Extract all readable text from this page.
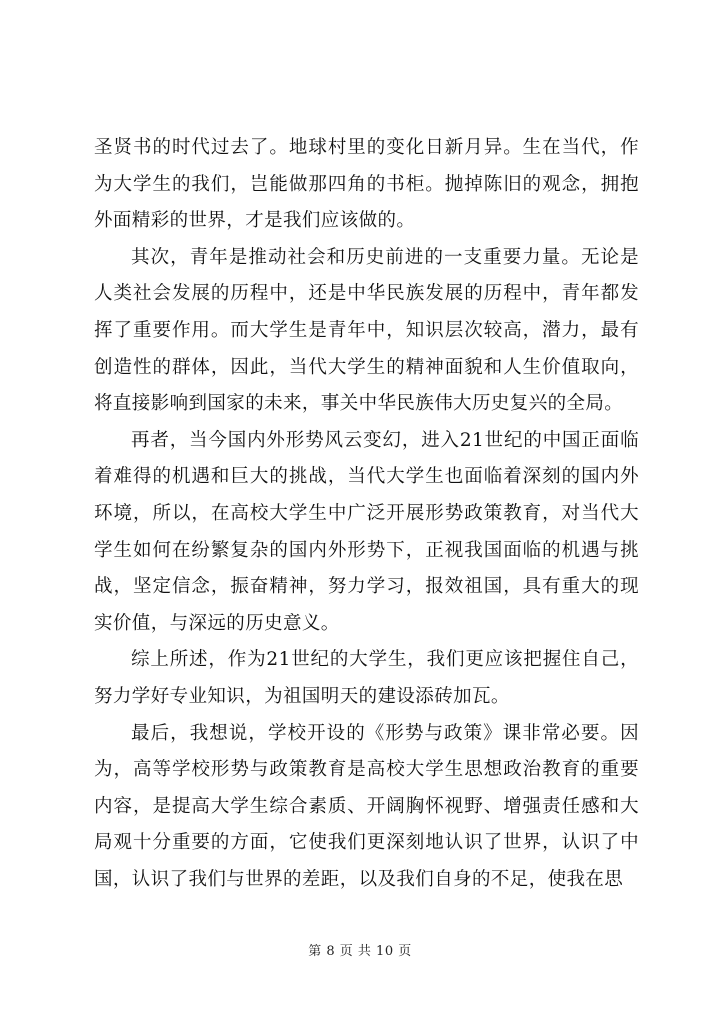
圣贤书的时代过去了。地球村里的变化日新月异。生在当代，作为大学生的我们，岂能做那四角的书柜。抛掉陈旧的观念，拥抱外面精彩的世界，才是我们应该做的。

其次，青年是推动社会和历史前进的一支重要力量。无论是人类社会发展的历程中，还是中华民族发展的历程中，青年都发挥了重要作用。而大学生是青年中，知识层次较高，潜力，最有创造性的群体，因此，当代大学生的精神面貌和人生价值取向，将直接影响到国家的未来，事关中华民族伟大历史复兴的全局。

再者，当今国内外形势风云变幻，进入21世纪的中国正面临着难得的机遇和巨大的挑战，当代大学生也面临着深刻的国内外环境，所以，在高校大学生中广泛开展形势政策教育，对当代大学生如何在纷繁复杂的国内外形势下，正视我国面临的机遇与挑战，坚定信念，振奋精神，努力学习，报效祖国，具有重大的现实价值，与深远的历史意义。

综上所述，作为21世纪的大学生，我们更应该把握住自己，努力学好专业知识，为祖国明天的建设添砖加瓦。

最后，我想说，学校开设的《形势与政策》课非常必要。因为，高等学校形势与政策教育是高校大学生思想政治教育的重要内容，是提高大学生综合素质、开阔胸怀视野、增强责任感和大局观十分重要的方面，它使我们更深刻地认识了世界，认识了中国，认识了我们与世界的差距，以及我们自身的不足，使我在思

第 8 页 共 10 页
